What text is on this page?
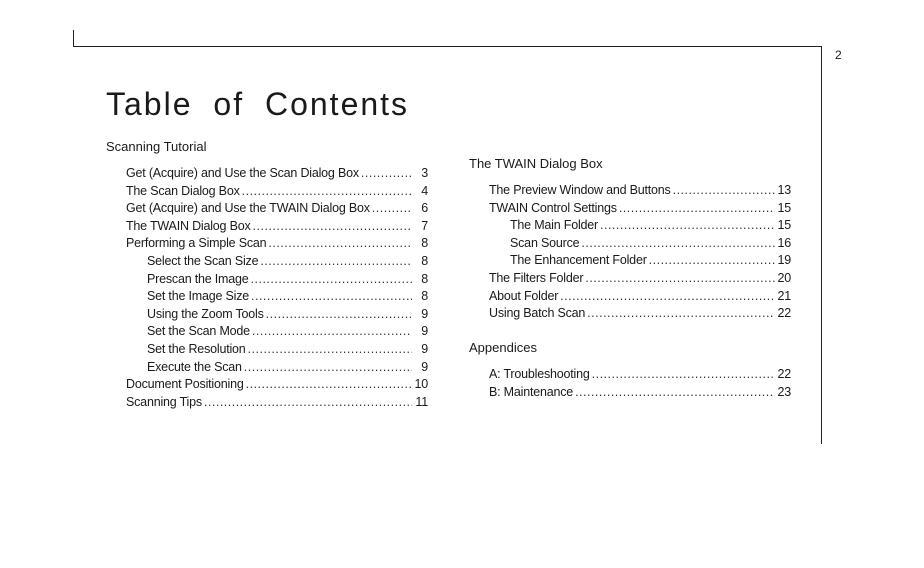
2
Table of Contents
Scanning Tutorial
Get (Acquire) and Use the Scan Dialog Box .....	3
The Scan Dialog Box .....	4
Get (Acquire) and Use the TWAIN Dialog Box .....	6
The TWAIN Dialog Box .....	7
Performing a Simple Scan .....	8
Select the Scan Size .....	8
Prescan the Image .....	8
Set the Image Size .....	8
Using the Zoom Tools .....	9
Set the Scan Mode .....	9
Set the Resolution .....	9
Execute the Scan .....	9
Document Positioning .....	10
Scanning Tips .....	11
The TWAIN Dialog Box
The Preview Window and Buttons .....	13
TWAIN Control Settings .....	15
The Main Folder .....	15
Scan Source .....	16
The Enhancement Folder .....	19
The Filters Folder .....	20
About Folder .....	21
Using Batch Scan .....	22
Appendices
A: Troubleshooting .....	22
B: Maintenance .....	23
